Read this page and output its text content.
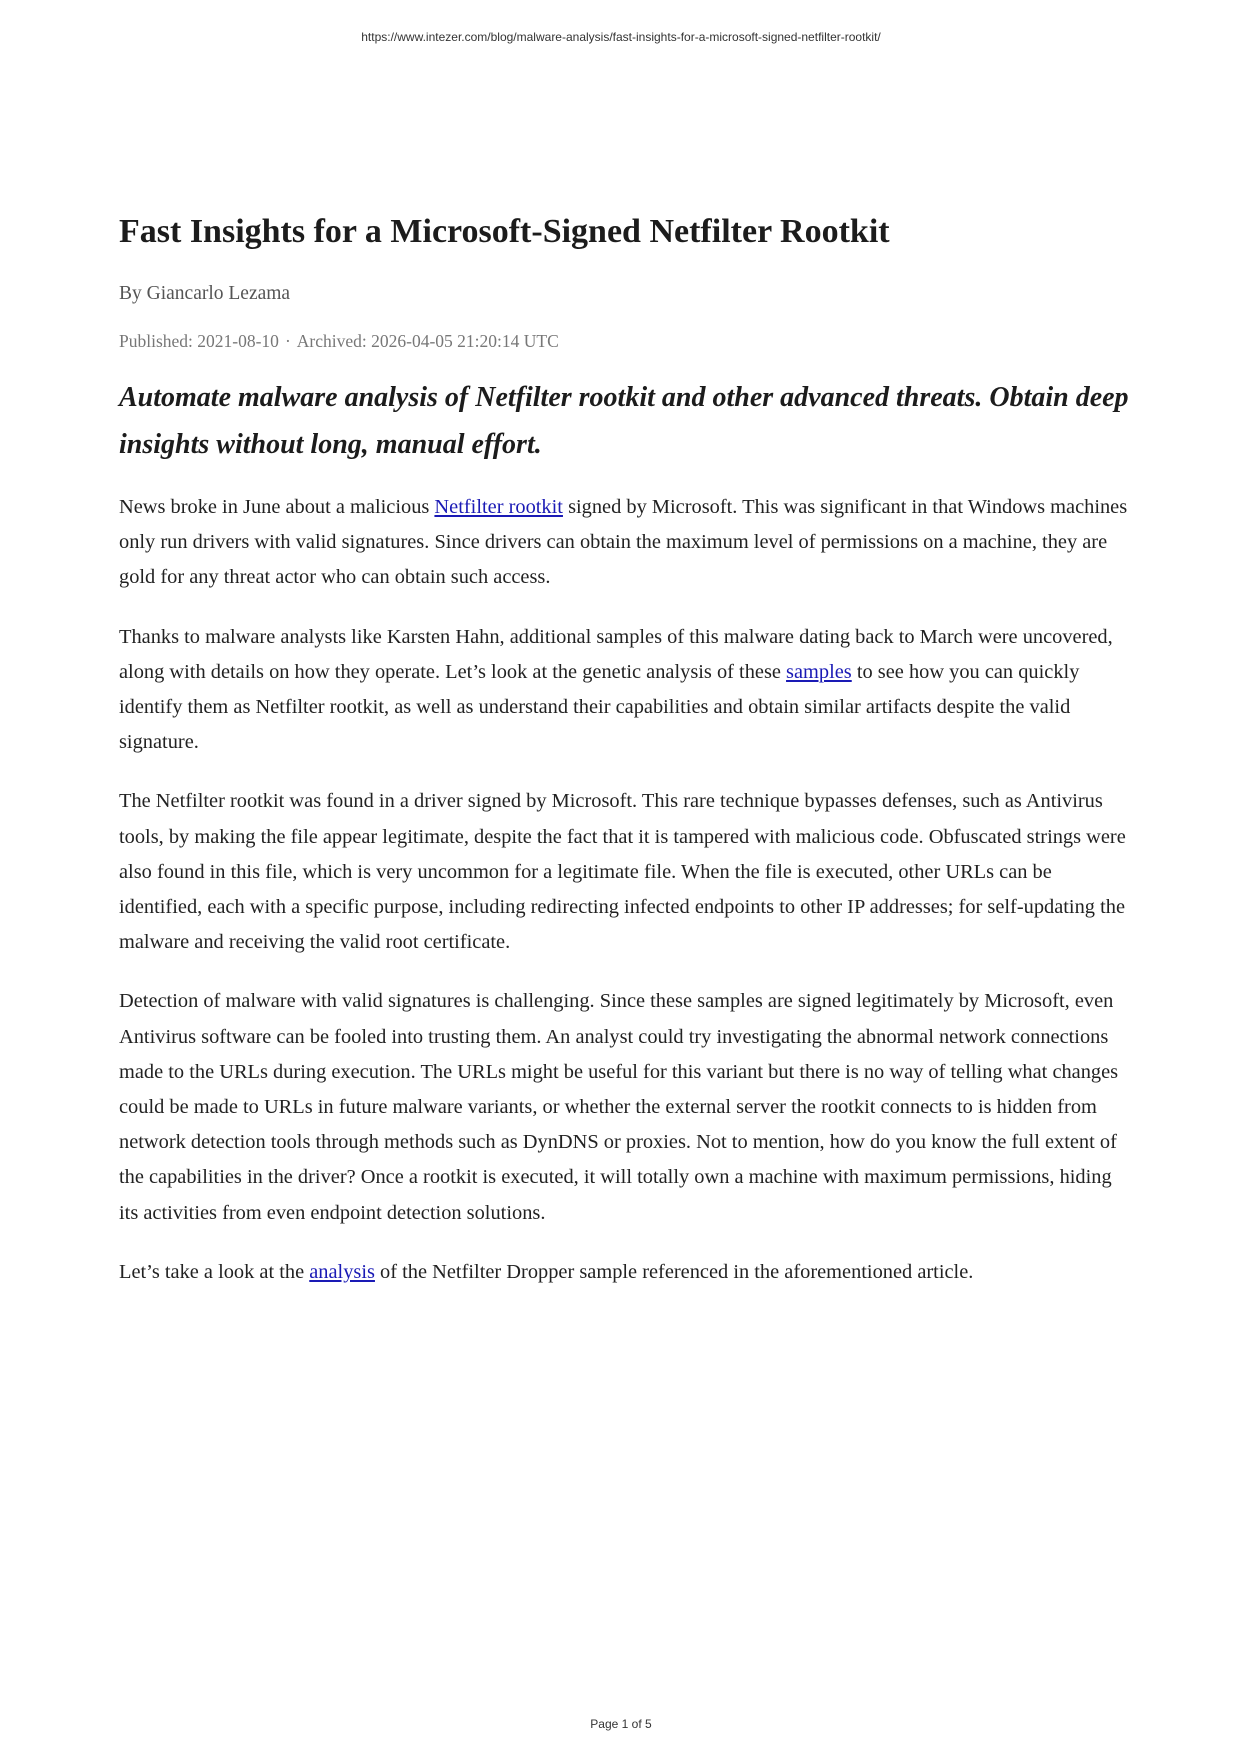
https://www.intezer.com/blog/malware-analysis/fast-insights-for-a-microsoft-signed-netfilter-rootkit/
Fast Insights for a Microsoft-Signed Netfilter Rootkit

By Giancarlo Lezama

Published: 2021-08-10 · Archived: 2026-04-05 21:20:14 UTC

Automate malware analysis of Netfilter rootkit and other advanced threats. Obtain deep insights without long, manual effort.

News broke in June about a malicious Netfilter rootkit signed by Microsoft. This was significant in that Windows machines only run drivers with valid signatures. Since drivers can obtain the maximum level of permissions on a machine, they are gold for any threat actor who can obtain such access.

Thanks to malware analysts like Karsten Hahn, additional samples of this malware dating back to March were uncovered, along with details on how they operate. Let’s look at the genetic analysis of these samples to see how you can quickly identify them as Netfilter rootkit, as well as understand their capabilities and obtain similar artifacts despite the valid signature.

The Netfilter rootkit was found in a driver signed by Microsoft. This rare technique bypasses defenses, such as Antivirus tools, by making the file appear legitimate, despite the fact that it is tampered with malicious code. Obfuscated strings were also found in this file, which is very uncommon for a legitimate file. When the file is executed, other URLs can be identified, each with a specific purpose, including redirecting infected endpoints to other IP addresses; for self-updating the malware and receiving the valid root certificate.

Detection of malware with valid signatures is challenging. Since these samples are signed legitimately by Microsoft, even Antivirus software can be fooled into trusting them. An analyst could try investigating the abnormal network connections made to the URLs during execution. The URLs might be useful for this variant but there is no way of telling what changes could be made to URLs in future malware variants, or whether the external server the rootkit connects to is hidden from network detection tools through methods such as DynDNS or proxies. Not to mention, how do you know the full extent of the capabilities in the driver? Once a rootkit is executed, it will totally own a machine with maximum permissions, hiding its activities from even endpoint detection solutions.

Let’s take a look at the analysis of the Netfilter Dropper sample referenced in the aforementioned article.

Page 1 of 5
